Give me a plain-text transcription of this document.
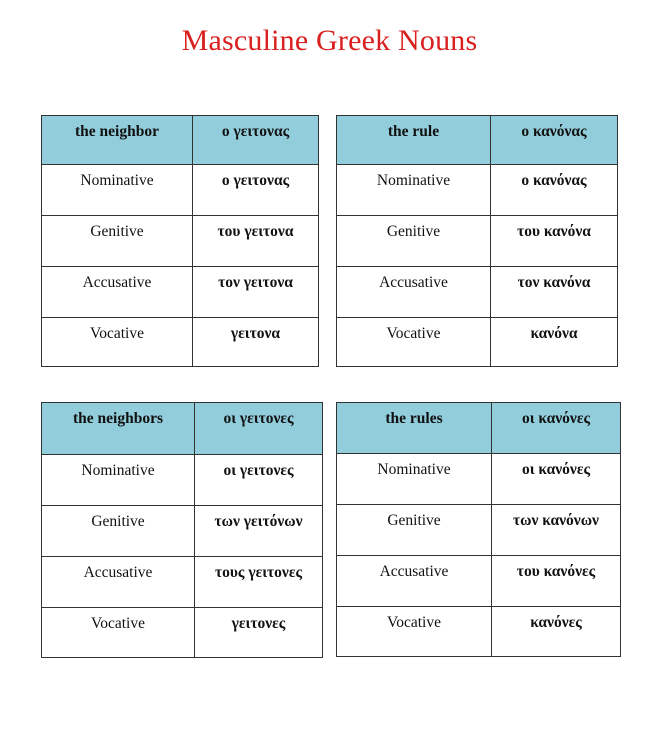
Masculine Greek Nouns
the neighbor	ο γειτονας

Nominative	ο γειτονας

Genitive	του γειτονα

Accusative	τον γειτονα

Vocative	γειτονα
the rule	ο κανόνας

Nominative	ο κανόνας

Genitive	του κανόνα

Accusative	τον κανόνα

Vocative	κανόνα
the neighbors	οι γειτονες

Nominative	οι γειτονες

Genitive	των γειτόνων

Accusative	τους γειτονες

Vocative	γειτονες
the rules	οι κανόνες

Nominative	οι κανόνες

Genitive	των κανόνων

Accusative	του κανόνες

Vocative	κανόνες
